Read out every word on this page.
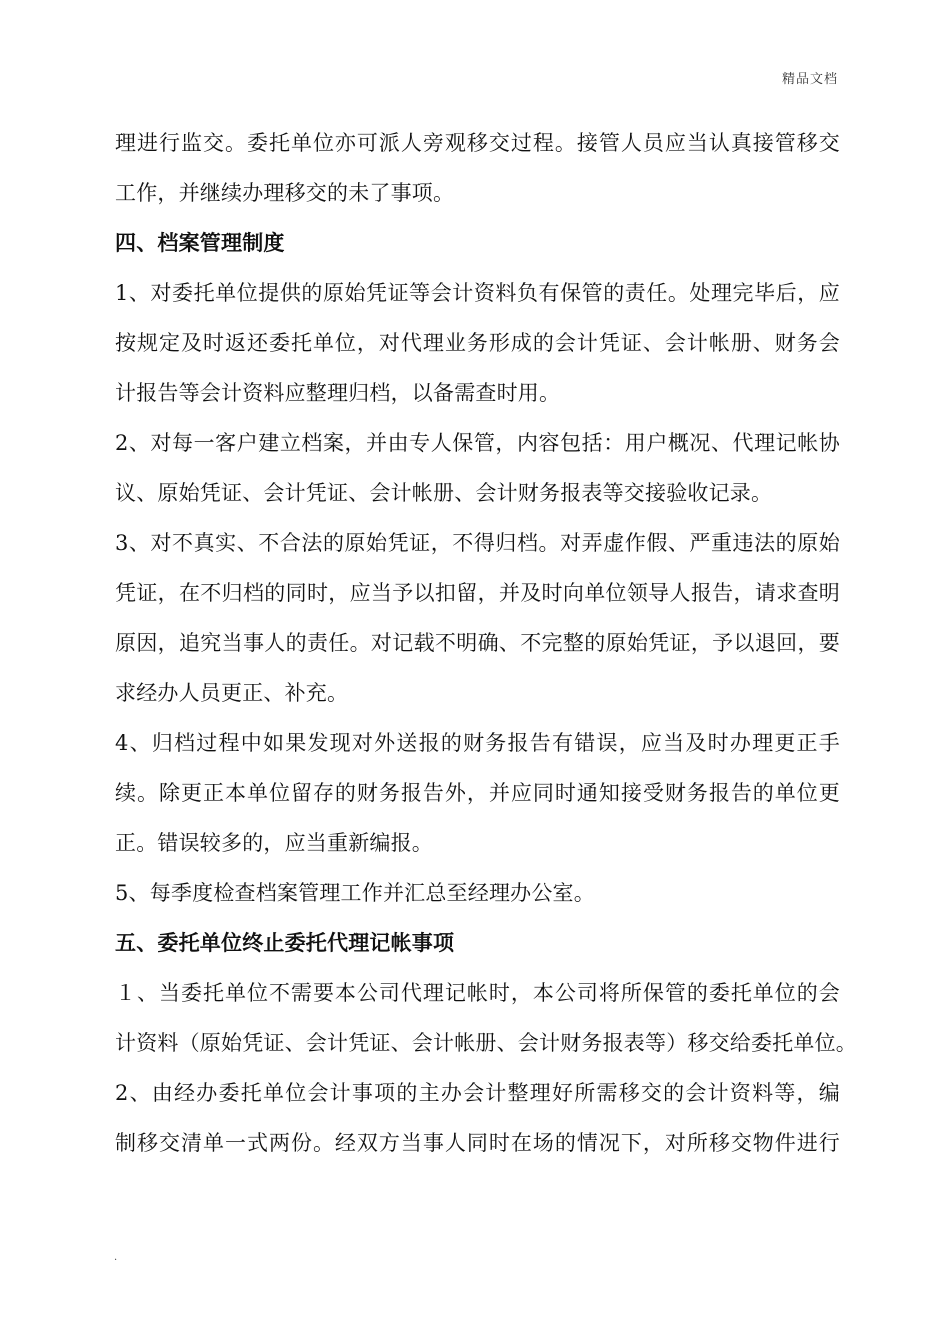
精品文档
理进行监交。委托单位亦可派人旁观移交过程。接管人员应当认真接管移交
工作，并继续办理移交的未了事项。
四、档案管理制度
1、对委托单位提供的原始凭证等会计资料负有保管的责任。处理完毕后，应
按规定及时返还委托单位，对代理业务形成的会计凭证、会计帐册、财务会
计报告等会计资料应整理归档，以备需查时用。
2、对每一客户建立档案，并由专人保管，内容包括：用户概况、代理记帐协
议、原始凭证、会计凭证、会计帐册、会计财务报表等交接验收记录。
3、对不真实、不合法的原始凭证，不得归档。对弄虚作假、严重违法的原始
凭证，在不归档的同时，应当予以扣留，并及时向单位领导人报告，请求查明
原因，追究当事人的责任。对记载不明确、不完整的原始凭证，予以退回，要
求经办人员更正、补充。
4、归档过程中如果发现对外送报的财务报告有错误，应当及时办理更正手
续。除更正本单位留存的财务报告外，并应同时通知接受财务报告的单位更
正。错误较多的，应当重新编报。
5、每季度检查档案管理工作并汇总至经理办公室。
五、委托单位终止委托代理记帐事项
１、当委托单位不需要本公司代理记帐时，本公司将所保管的委托单位的会
计资料（原始凭证、会计凭证、会计帐册、会计财务报表等）移交给委托单位。
2、由经办委托单位会计事项的主办会计整理好所需移交的会计资料等，编
制移交清单一式两份。经双方当事人同时在场的情况下，对所移交物件进行
.
